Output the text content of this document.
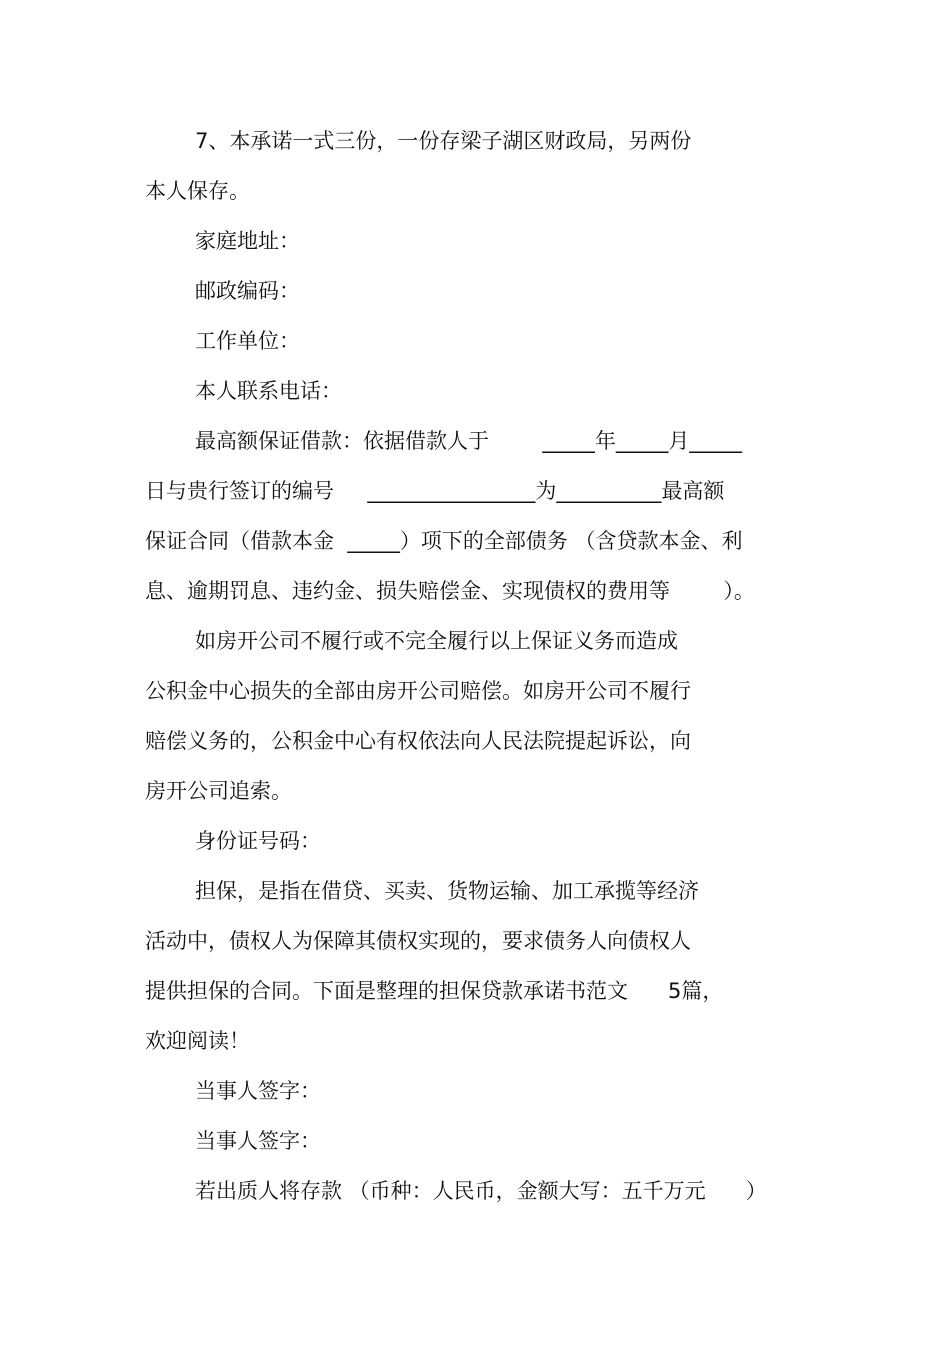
7、本承诺一式三份，一份存梁子湖区财政局，另两份
本人保存。
家庭地址：
邮政编码：
工作单位：
本人联系电话：
最高额保证借款：依据借款人于        _____年_____月_____
日与贵行签订的编号     ________________为__________最高额
保证合同（借款本金  _____）项下的全部债务 （含贷款本金、利
息、逾期罚息、违约金、损失赔偿金、实现债权的费用等        ）。
如房开公司不履行或不完全履行以上保证义务而造成
公积金中心损失的全部由房开公司赔偿。如房开公司不履行
赔偿义务的，公积金中心有权依法向人民法院提起诉讼，向
房开公司追索。
身份证号码：
担保，是指在借贷、买卖、货物运输、加工承揽等经济
活动中，债权人为保障其债权实现的，要求债务人向债权人
提供担保的合同。下面是整理的担保贷款承诺书范文      5篇，
欢迎阅读！
当事人签字：
当事人签字：
若出质人将存款 （币种：人民币，金额大写：五千万元      ）
